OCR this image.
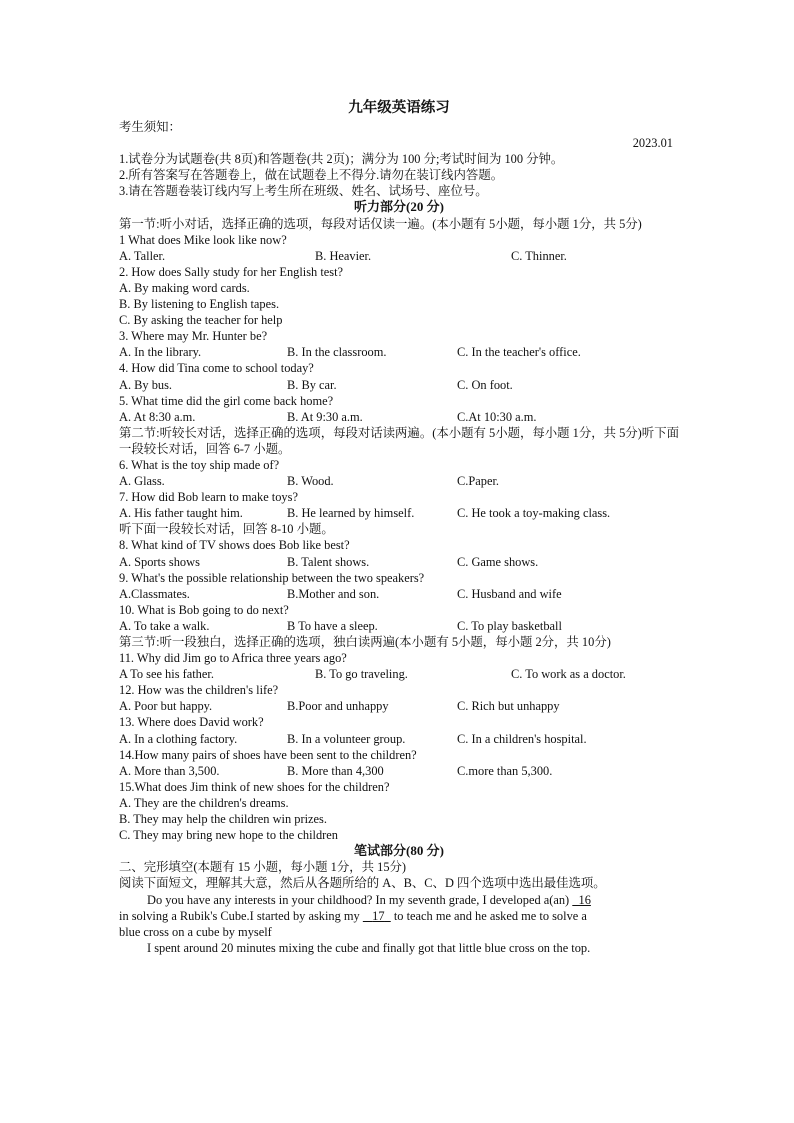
九年级英语练习
考生须知：
2023.01
1.试卷分为试题卷(共 8页)和答题卷(共 2页)；满分为 100 分;考试时间为 100 分钟。
2.所有答案写在答题卷上，做在试题卷上不得分.请勿在装订线内答题。
3.请在答题卷装订线内写上考生所在班级、姓名、试场号、座位号。
听力部分(20 分)
第一节:听小对话，选择正确的选项，每段对话仅读一遍。(本小题有 5小题，每小题 1分，共 5分)
1 What does Mike look like now?
A. Taller.	B. Heavier.	C. Thinner.
2. How does Sally study for her English test?
A. By making word cards.
B. By listening to English tapes.
C. By asking the teacher for help
3. Where may Mr. Hunter be?
A. In the library.	B. In the classroom.	C. In the teacher's office.
4. How did Tina come to school today?
A. By bus.	B. By car.	C. On foot.
5. What time did the girl come back home?
A. At 8:30 a.m.	B. At 9:30 a.m.	C.At 10:30 a.m.
第二节:听较长对话，选择正确的选项，每段对话读两遍。(本小题有 5小题，每小题 1分，共 5分)听下面一段较长对话，回答 6-7 小题。
6. What is the toy ship made of?
A. Glass.	B. Wood.	C.Paper.
7. How did Bob learn to make toys?
A. His father taught him.	B. He learned by himself.	C. He took a toy-making class.
听下面一段较长对话，回答 8-10 小题。
8. What kind of TV shows does Bob like best?
A. Sports shows	B. Talent shows.	C. Game shows.
9. What's the possible relationship between the two speakers?
A.Classmates.	B.Mother and son.	C. Husband and wife
10. What is Bob going to do next?
A. To take a walk.	B To have a sleep.	C. To play basketball
第三节:听一段独白，选择正确的选项，独白读两遍(本小题有 5小题，每小题 2分，共 10分)
11. Why did Jim go to Africa three years ago?
A To see his father.	B. To go traveling.	C. To work as a doctor.
12. How was the children's life?
A. Poor but happy.	B.Poor and unhappy	C. Rich but unhappy
13. Where does David work?
A. In a clothing factory.	B. In a volunteer group.	C. In a children's hospital.
14.How many pairs of shoes have been sent to the children?
A. More than 3,500.	B. More than 4,300	C.more than 5,300.
15.What does Jim think of new shoes for the children?
A. They are the children's dreams.
B. They may help the children win prizes.
C. They may bring new hope to the children
笔试部分(80 分)
二、完形填空(本题有 15 小题，每小题 1分，共 15分)
阅读下面短文，理解其大意，然后从各题所给的 A、B、C、D 四个选项中选出最佳选项。
Do you have any interests in your childhood? In my seventh grade, I developed a(an) 16
in solving a Rubik's Cube.I started by asking my 17 to teach me and he asked me to solve a
blue cross on a cube by myself
I spent around 20 minutes mixing the cube and finally got that little blue cross on the top.
